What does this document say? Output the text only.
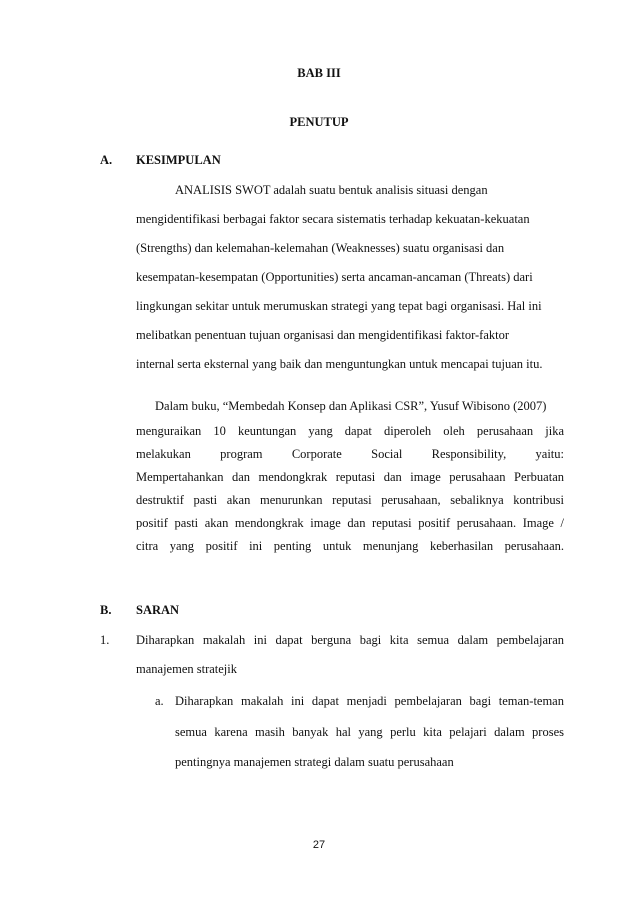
BAB III
PENUTUP
A. KESIMPULAN
ANALISIS SWOT adalah suatu bentuk analisis situasi dengan
mengidentifikasi berbagai faktor secara sistematis terhadap kekuatan-kekuatan
(Strengths) dan kelemahan-kelemahan (Weaknesses) suatu organisasi dan
kesempatan-kesempatan (Opportunities) serta ancaman-ancaman (Threats) dari
lingkungan sekitar untuk merumuskan strategi yang tepat bagi organisasi. Hal ini
melibatkan penentuan tujuan organisasi dan mengidentifikasi faktor-faktor
internal serta eksternal yang baik dan menguntungkan untuk mencapai tujuan itu.
Dalam buku, “Membedah Konsep dan Aplikasi CSR”, Yusuf Wibisono (2007)
menguraikan 10 keuntungan yang dapat diperoleh oleh perusahaan jika
melakukan program Corporate Social Responsibility, yaitu:
Mempertahankan dan mendongkrak reputasi dan image perusahaan Perbuatan
destruktif pasti akan menurunkan reputasi perusahaan, sebaliknya kontribusi
positif pasti akan mendongkrak image dan reputasi positif perusahaan. Image /
citra yang positif ini penting untuk menunjang keberhasilan perusahaan.
B. SARAN
1. Diharapkan makalah ini dapat berguna bagi kita semua dalam pembelajaran
manajemen stratejik
a. Diharapkan makalah ini dapat menjadi pembelajaran bagi teman-teman
semua karena masih banyak hal yang perlu kita pelajari dalam proses
pentingnya manajemen strategi dalam suatu perusahaan
27
